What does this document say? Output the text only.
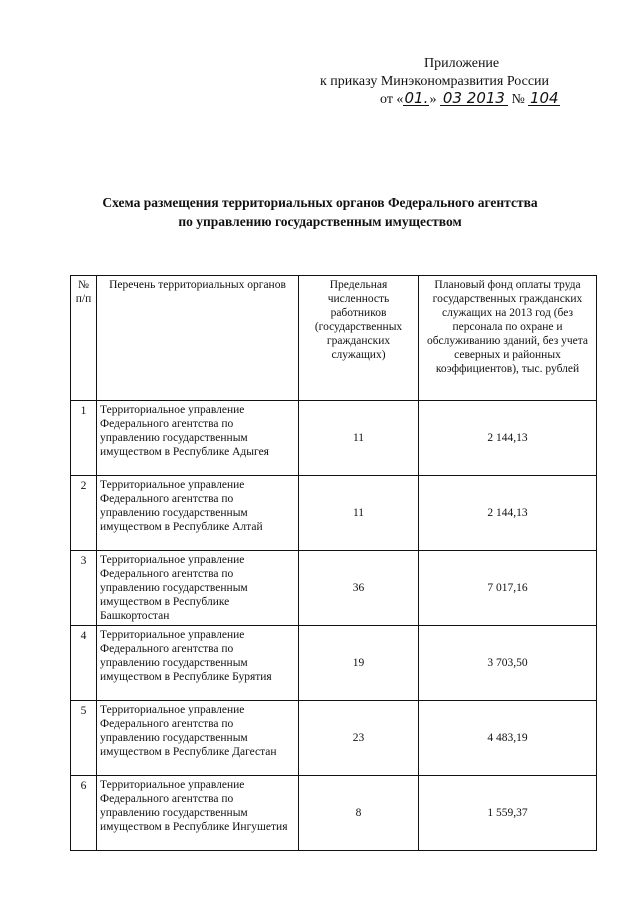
Приложение
к приказу Минэкономразвития России
от «01.» 03 2013 № 104
Схема размещения территориальных органов Федерального агентства
по управлению государственным имуществом
№ п/п	Перечень территориальных органов	Предельная численность работников (государственных гражданских служащих)	Плановый фонд оплаты труда государственных гражданских служащих на 2013 год (без персонала по охране и обслуживанию зданий, без учета северных и районных коэффициентов), тыс. рублей
1	Территориальное управление Федерального агентства по управлению государственным имуществом в Республике Адыгея	11	2 144,13
2	Территориальное управление Федерального агентства по управлению государственным имуществом в Республике Алтай	11	2 144,13
3	Территориальное управление Федерального агентства по управлению государственным имуществом в Республике Башкортостан	36	7 017,16
4	Территориальное управление Федерального агентства по управлению государственным имуществом в Республике Бурятия	19	3 703,50
5	Территориальное управление Федерального агентства по управлению государственным имуществом в Республике Дагестан	23	4 483,19
6	Территориальное управление Федерального агентства по управлению государственным имуществом в Республике Ингушетия	8	1 559,37
